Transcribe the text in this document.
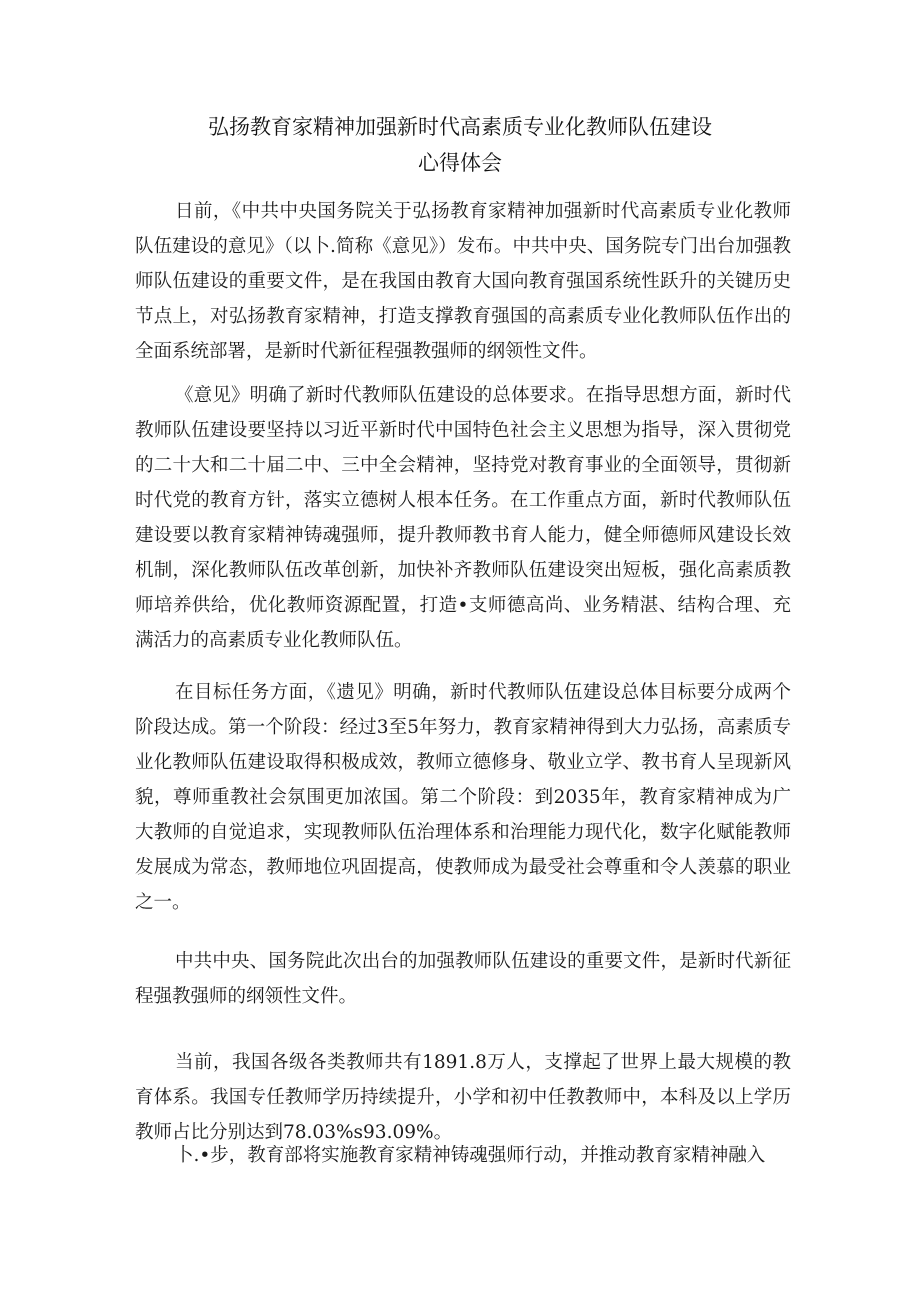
弘扬教育家精神加强新时代高素质专业化教师队伍建设
心得体会

日前，《中共中央国务院关于弘扬教育家精神加强新时代高素质专业化教师队伍建设的意见》（以卜.简称《意见》）发布。中共中央、国务院专门出台加强教师队伍建设的重要文件，是在我国由教育大国向教育强国系统性跃升的关键历史节点上，对弘扬教育家精神，打造支撑教育强国的高素质专业化教师队伍作出的全面系统部署，是新时代新征程强教强师的纲领性文件。

《意见》明确了新时代教师队伍建设的总体要求。在指导思想方面，新时代教师队伍建设要坚持以习近平新时代中国特色社会主义思想为指导，深入贯彻党的二十大和二十届二中、三中全会精神，坚持党对教育事业的全面领导，贯彻新时代党的教育方针，落实立德树人根本任务。在工作重点方面，新时代教师队伍建设要以教育家精神铸魂强师，提升教师教书育人能力，健全师德师风建设长效机制，深化教师队伍改革创新，加快补齐教师队伍建设突出短板，强化高素质教师培养供给，优化教师资源配置，打造•支师德高尚、业务精湛、结构合理、充满活力的高素质专业化教师队伍。

在目标任务方面，《遗见》明确，新时代教师队伍建设总体目标要分成两个阶段达成。第一个阶段：经过3至5年努力，教育家精神得到大力弘扬，高素质专业化教师队伍建设取得积极成效，教师立德修身、敬业立学、教书育人呈现新风貌，尊师重教社会氛围更加浓国。第二个阶段：到2035年，教育家精神成为广大教师的自觉追求，实现教师队伍治理体系和治理能力现代化，数字化赋能教师发展成为常态，教师地位巩固提高，使教师成为最受社会尊重和令人羡慕的职业之一。

中共中央、国务院此次出台的加强教师队伍建设的重要文件，是新时代新征程强教强师的纲领性文件。

当前，我国各级各类教师共有1891.8万人，支撑起了世界上最大规模的教育体系。我国专任教师学历持续提升，小学和初中任教教师中，本科及以上学历教师占比分别达到78.03%s93.09%。

卜.•步，教育部将实施教育家精神铸魂强师行动，并推动教育家精神融入
